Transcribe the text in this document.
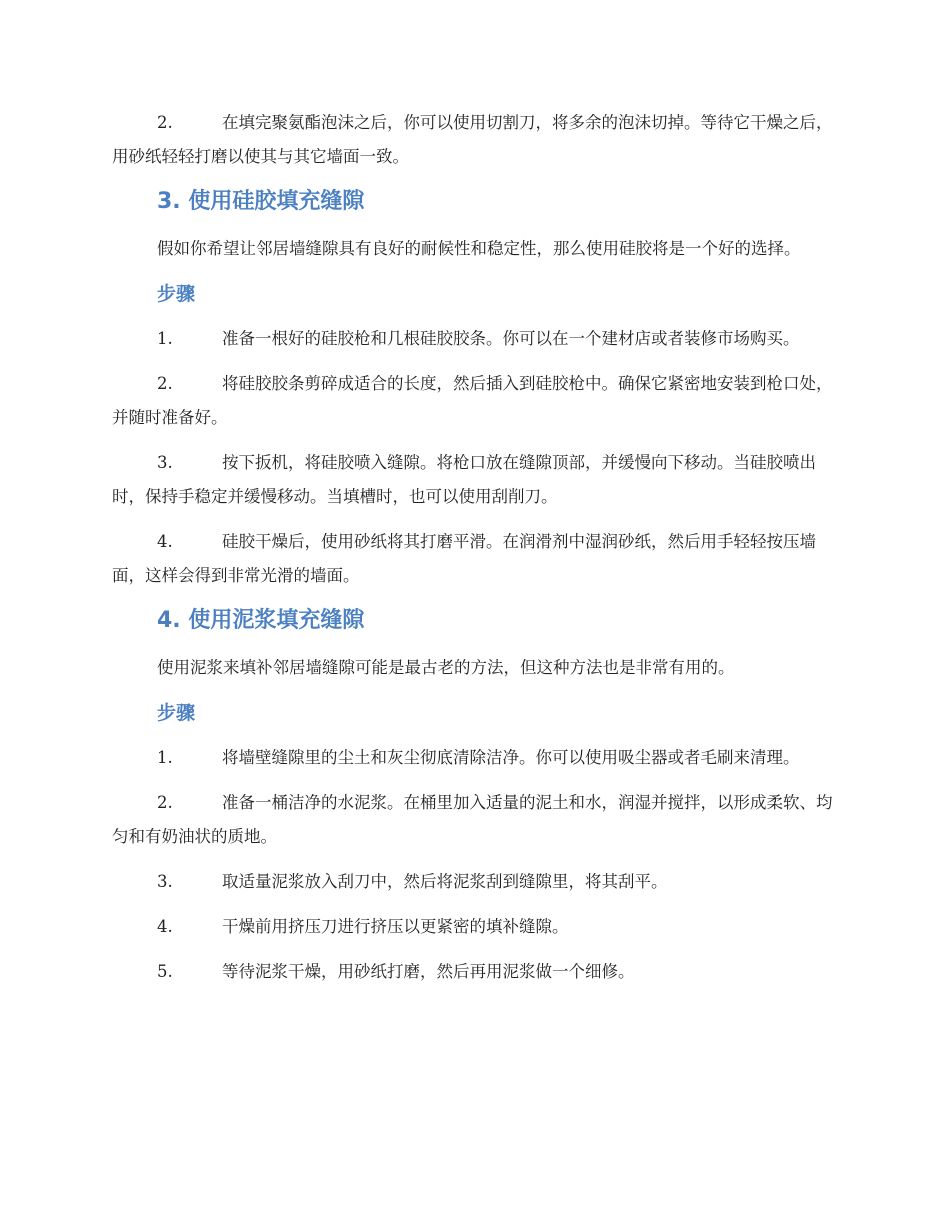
2.	在填完聚氨酯泡沫之后，你可以使用切割刀，将多余的泡沫切掉。等待它干燥之后，用砂纸轻轻打磨以使其与其它墙面一致。
3. 使用硅胶填充缝隙
假如你希望让邻居墙缝隙具有良好的耐候性和稳定性，那么使用硅胶将是一个好的选择。
步骤
1.	准备一根好的硅胶枪和几根硅胶胶条。你可以在一个建材店或者装修市场购买。
2.	将硅胶胶条剪碎成适合的长度，然后插入到硅胶枪中。确保它紧密地安装到枪口处，并随时准备好。
3.	按下扳机，将硅胶喷入缝隙。将枪口放在缝隙顶部，并缓慢向下移动。当硅胶喷出时，保持手稳定并缓慢移动。当填槽时，也可以使用刮削刀。
4.	硅胶干燥后，使用砂纸将其打磨平滑。在润滑剂中湿润砂纸，然后用手轻轻按压墙面，这样会得到非常光滑的墙面。
4. 使用泥浆填充缝隙
使用泥浆来填补邻居墙缝隙可能是最古老的方法，但这种方法也是非常有用的。
步骤
1.	将墙壁缝隙里的尘土和灰尘彻底清除洁净。你可以使用吸尘器或者毛刷来清理。
2.	准备一桶洁净的水泥浆。在桶里加入适量的泥土和水，润湿并搅拌，以形成柔软、均匀和有奶油状的质地。
3.	取适量泥浆放入刮刀中，然后将泥浆刮到缝隙里，将其刮平。
4.	干燥前用挤压刀进行挤压以更紧密的填补缝隙。
5.	等待泥浆干燥，用砂纸打磨，然后再用泥浆做一个细修。
